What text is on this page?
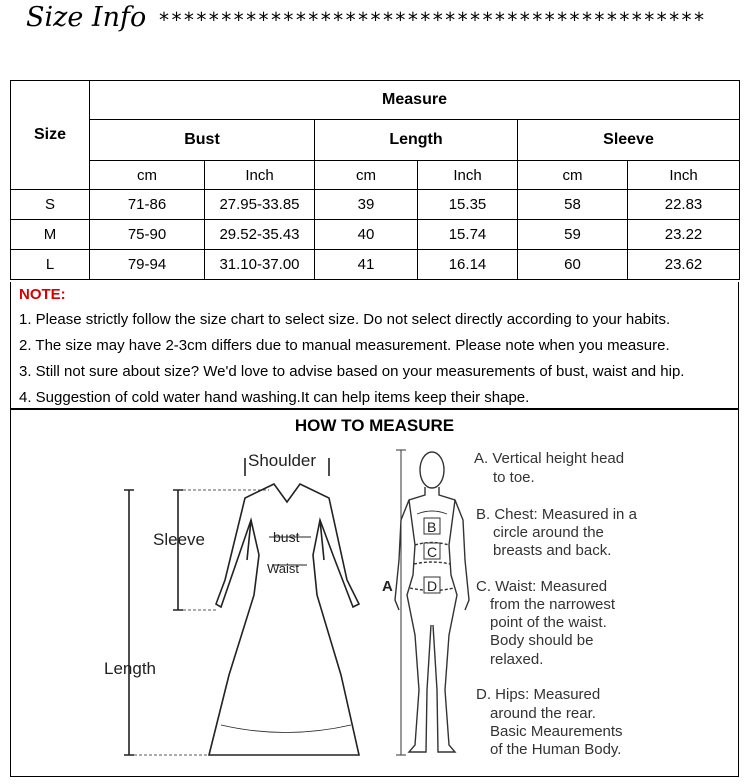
Size Info ********************************************
Size	Measure					
	Bust		Length		Sleeve	
	cm	Inch	cm	Inch	cm	Inch
S	71-86	27.95-33.85	39	15.35	58	22.83
M	75-90	29.52-35.43	40	15.74	59	23.22
L	79-94	31.10-37.00	41	16.14	60	23.62
NOTE:
1. Please strictly follow the size chart to select size. Do not select directly according to your habits.
2. The size may have 2-3cm differs due to manual measurement. Please note when you measure.
3. Still not sure about size? We'd love to advise based on your measurements of bust, waist and hip.
4. Suggestion of cold water hand washing.It can help items keep their shape.
HOW TO MEASURE
Shoulder
Sleeve	bust
Waist
Length
A
B
C
D
A. Vertical height head
to toe.
B. Chest: Measured in a
circle around the
breasts and back.
C. Waist: Measured
from the narrowest
point of the waist.
Body should be
relaxed.
D. Hips: Measured
around the rear.
Basic Meaurements
of the Human Body.
